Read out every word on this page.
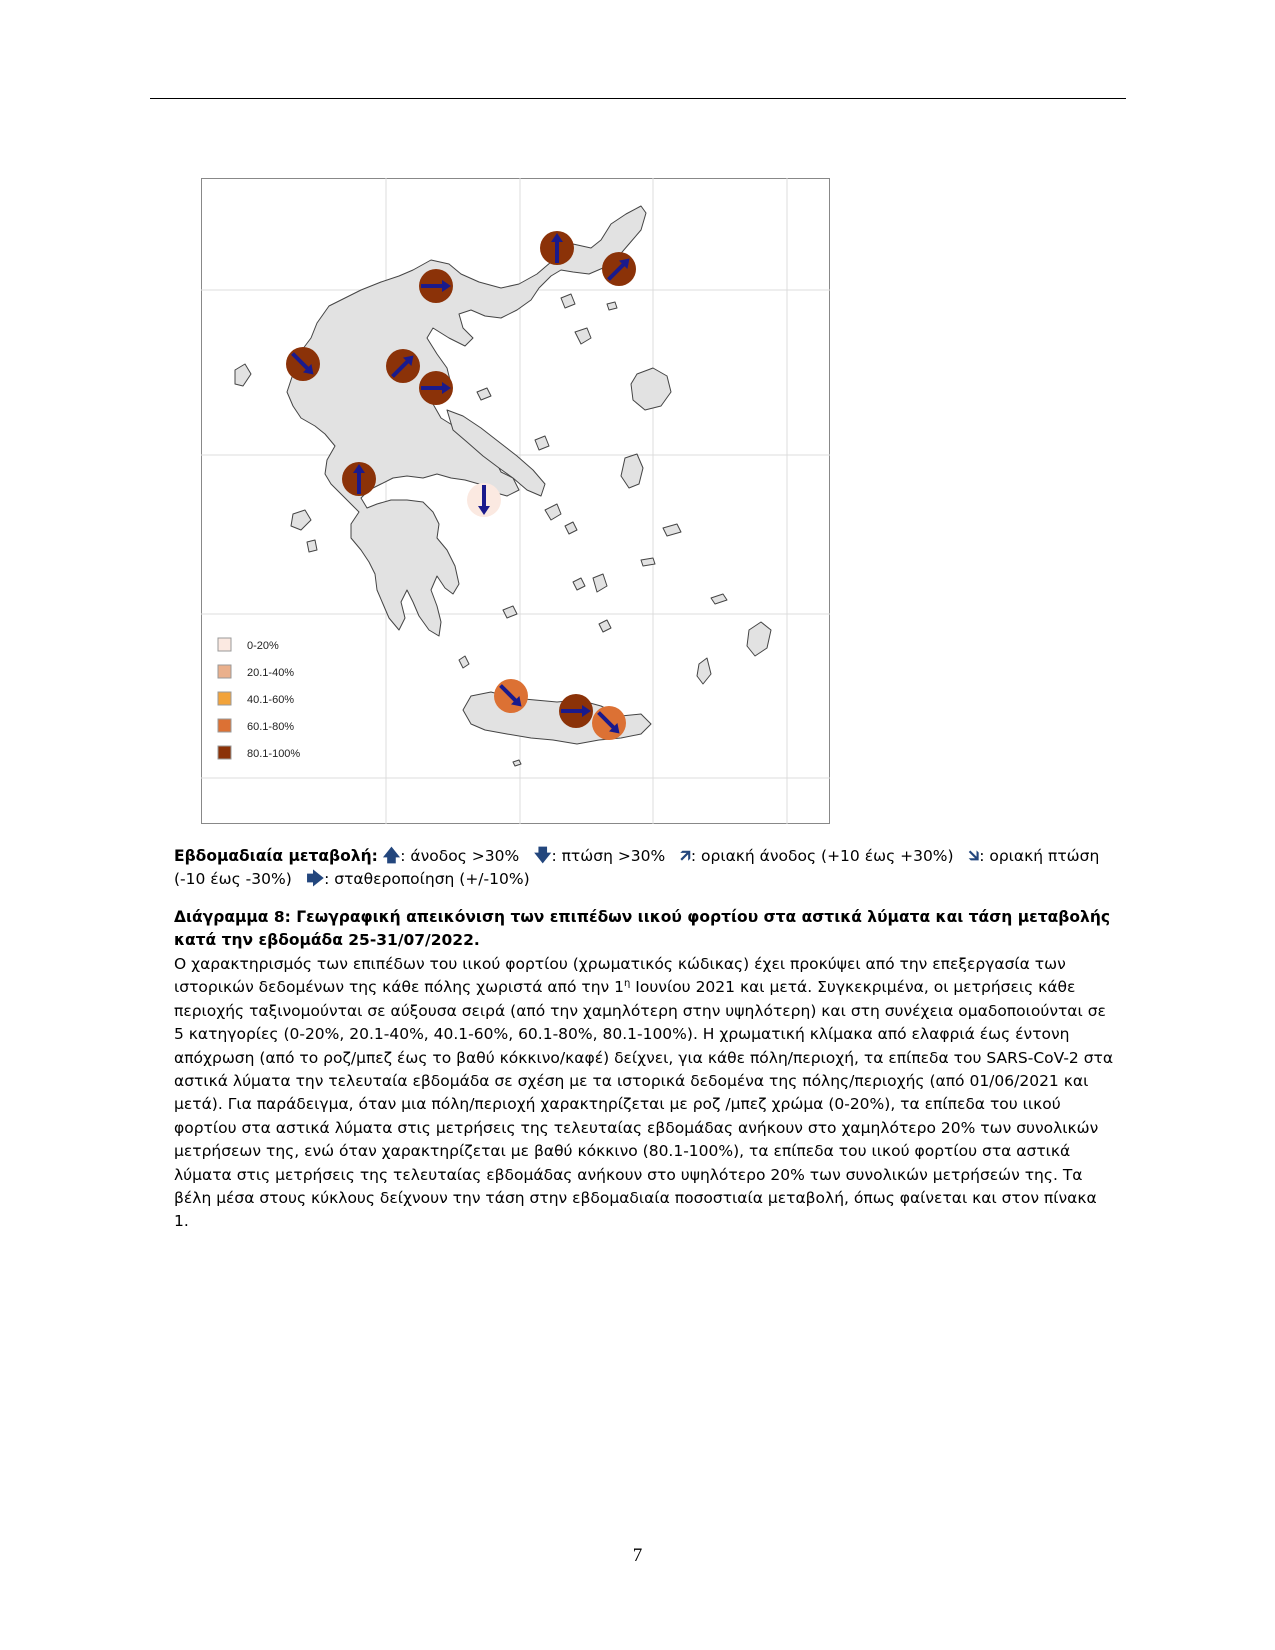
0-20%
20.1-40%
40.1-60%
60.1-80%
80.1-100%
Εβδομαδιαία μεταβολή: 🡅: άνοδος >30% 🡇: πτώση >30% 🡭: οριακή άνοδος (+10 έως +30%) 🡮: οριακή πτώση (-10 έως -30%) 🡆: σταθεροποίηση (+/-10%)
Διάγραμμα 8: Γεωγραφική απεικόνιση των επιπέδων ιικού φορτίου στα αστικά λύματα και τάση μεταβολής κατά την εβδομάδα 25-31/07/2022.

Ο χαρακτηρισμός των επιπέδων του ιικού φορτίου (χρωματικός κώδικας) έχει προκύψει από την επεξεργασία των ιστορικών δεδομένων της κάθε πόλης χωριστά από την $1^\eta$ Ιουνίου 2021 και μετά. Συγκεκριμένα, οι μετρήσεις κάθε περιοχής ταξινομούνται σε αύξουσα σειρά (από την χαμηλότερη στην υψηλότερη) και στη συνέχεια ομαδοποιούνται σε 5 κατηγορίες (0-20%, 20.1-40%, 40.1-60%, 60.1-80%, 80.1-100%). Η χρωματική κλίμακα από ελαφριά έως έντονη απόχρωση (από το ροζ/μπεζ έως το βαθύ κόκκινο/καφέ) δείχνει, για κάθε πόλη/περιοχή, τα επίπεδα του SARS-CoV-2 στα αστικά λύματα την τελευταία εβδομάδα σε σχέση με τα ιστορικά δεδομένα της πόλης/περιοχής (από 01/06/2021 και μετά). Για παράδειγμα, όταν μια πόλη/περιοχή χαρακτηρίζεται με ροζ /μπεζ χρώμα (0-20%), τα επίπεδα του ιικού φορτίου στα αστικά λύματα στις μετρήσεις της τελευταίας εβδομάδας ανήκουν στο χαμηλότερο 20% των συνολικών μετρήσεων της, ενώ όταν χαρακτηρίζεται με βαθύ κόκκινο (80.1-100%), τα επίπεδα του ιικού φορτίου στα αστικά λύματα στις μετρήσεις της τελευταίας εβδομάδας ανήκουν στο υψηλότερο 20% των συνολικών μετρήσεών της. Τα βέλη μέσα στους κύκλους δείχνουν την τάση στην εβδομαδιαία ποσοστιαία μεταβολή, όπως φαίνεται και στον πίνακα 1.

7
